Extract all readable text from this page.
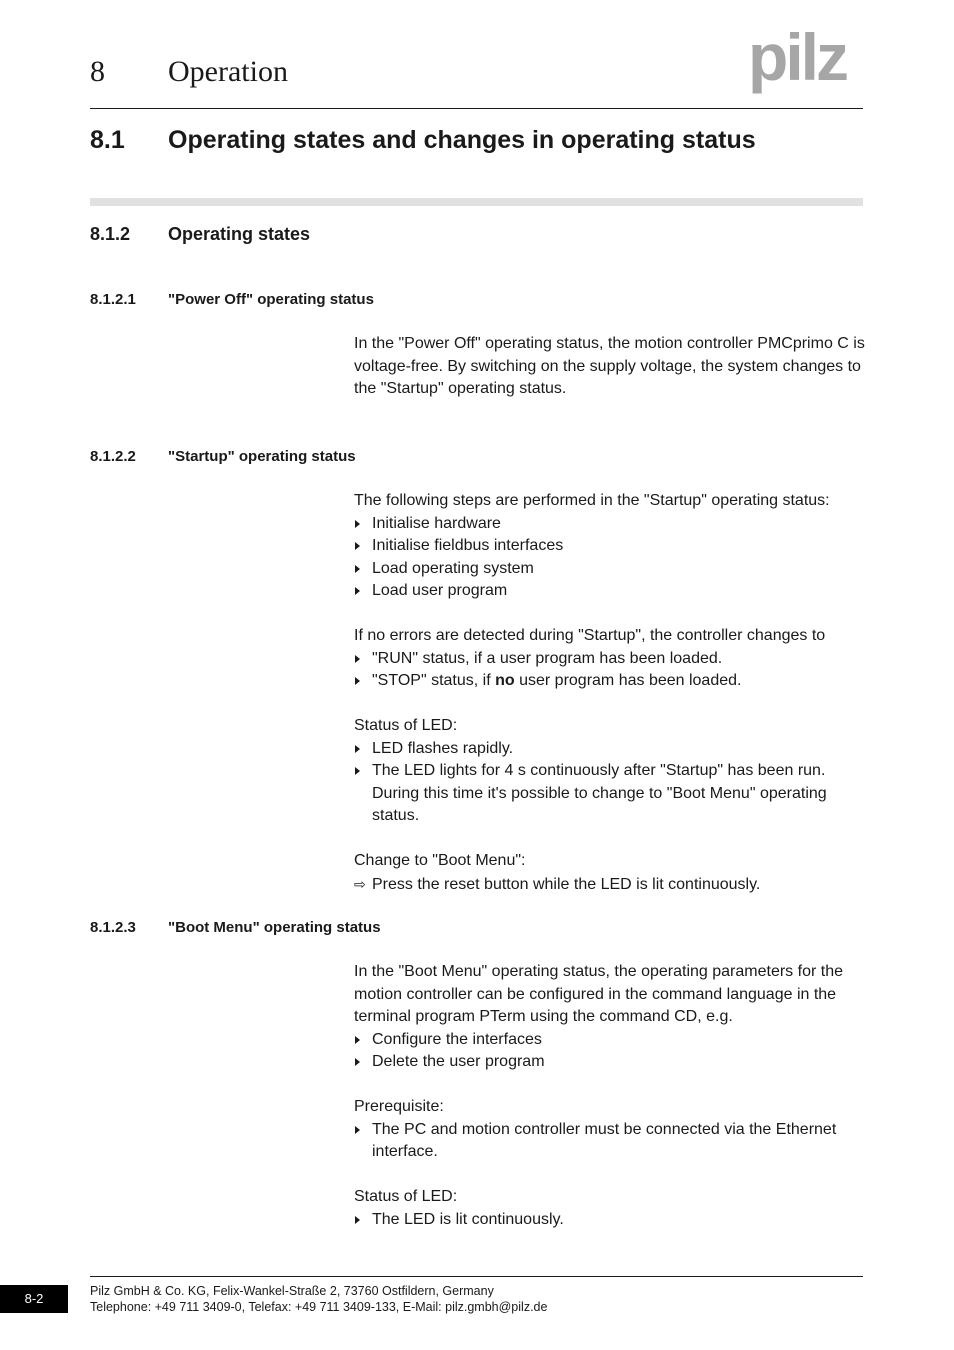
8 Operation	pilz
8.1 Operating states and changes in operating status
8.1.2 Operating states
8.1.2.1 "Power Off" operating status

In the "Power Off" operating status, the motion controller PMCprimo C is voltage-free. By switching on the supply voltage, the system changes to the "Startup" operating status.

8.1.2.2 "Startup" operating status

The following steps are performed in the "Startup" operating status:

Initialise hardware
Initialise fieldbus interfaces
Load operating system
Load user program

If no errors are detected during "Startup", the controller changes to

"RUN" status, if a user program has been loaded.
"STOP" status, if no user program has been loaded.

Status of LED:

LED flashes rapidly.
The LED lights for 4 s continuously after "Startup" has been run. During this time it's possible to change to "Boot Menu" operating status.

Change to "Boot Menu":

⇨ Press the reset button while the LED is lit continuously.

8.1.2.3 "Boot Menu" operating status

In the "Boot Menu" operating status, the operating parameters for the motion controller can be configured in the command language in the terminal program PTerm using the command CD, e.g.

Configure the interfaces
Delete the user program

Prerequisite:

The PC and motion controller must be connected via the Ethernet interface.

Status of LED:

The LED is lit continuously.
8-2	Pilz GmbH & Co. KG, Felix-Wankel-Straße 2, 73760 Ostfildern, Germany
Telephone: +49 711 3409-0, Telefax: +49 711 3409-133, E-Mail: pilz.gmbh@pilz.de
